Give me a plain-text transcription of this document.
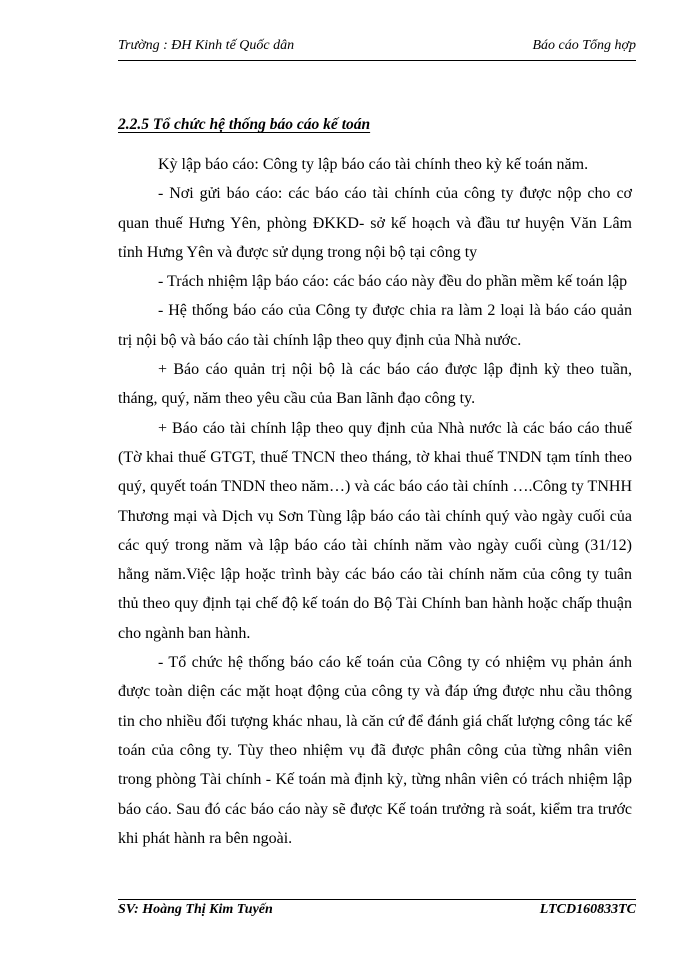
Trường : ĐH Kinh tế Quốc dân	Báo cáo Tổng hợp
2.2.5 Tổ chức hệ thống báo cáo kế toán

Kỳ lập báo cáo: Công ty lập báo cáo tài chính theo kỳ kế toán năm.

- Nơi gửi báo cáo: các báo cáo tài chính của công ty được nộp cho cơ quan thuế Hưng Yên, phòng ĐKKD- sở kế hoạch và đầu tư huyện Văn Lâm tỉnh Hưng Yên và được sử dụng trong nội bộ tại công ty

- Trách nhiệm lập báo cáo: các báo cáo này đều do phần mềm kế toán lập

- Hệ thống báo cáo của Công ty được chia ra làm 2 loại là báo cáo quản trị nội bộ và báo cáo tài chính lập theo quy định của Nhà nước.

+ Báo cáo quản trị nội bộ là các báo cáo được lập định kỳ theo tuần, tháng, quý, năm theo yêu cầu của Ban lãnh đạo công ty.

+ Báo cáo tài chính lập theo quy định của Nhà nước là các báo cáo thuế (Tờ khai thuế GTGT, thuế TNCN theo tháng, tờ khai thuế TNDN tạm tính theo quý, quyết toán TNDN theo năm…) và các báo cáo tài chính ….Công ty TNHH Thương mại và Dịch vụ Sơn Tùng lập báo cáo tài chính quý vào ngày cuối của các quý trong năm và lập báo cáo tài chính năm vào ngày cuối cùng (31/12) hằng năm.Việc lập hoặc trình bày các báo cáo tài chính năm của công ty tuân thủ theo quy định tại chế độ kế toán do Bộ Tài Chính ban hành hoặc chấp thuận cho ngành ban hành.

- Tổ chức hệ thống báo cáo kế toán của Công ty có nhiệm vụ phản ánh được toàn diện các mặt hoạt động của công ty và đáp ứng được nhu cầu thông tin cho nhiều đối tượng khác nhau, là căn cứ để đánh giá chất lượng công tác kế toán của công ty. Tùy theo nhiệm vụ đã được phân công của từng nhân viên trong phòng Tài chính - Kế toán mà định kỳ, từng nhân viên có trách nhiệm lập báo cáo. Sau đó các báo cáo này sẽ được Kế toán trưởng rà soát, kiểm tra trước khi phát hành ra bên ngoài.

SV: Hoàng Thị Kim Tuyến	LTCD160833TC
